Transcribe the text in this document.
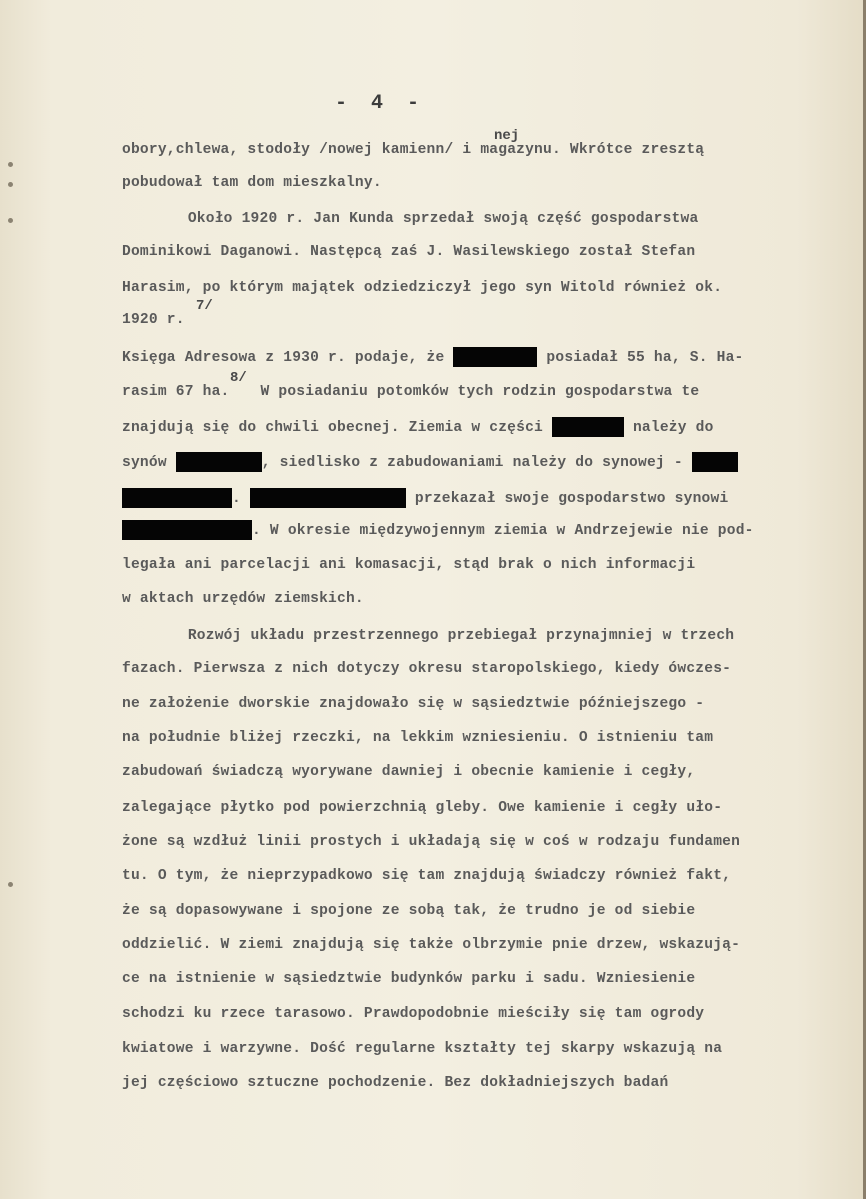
- 4 -
obory,chlewa, stodoły /nowej kamienn/ i magazynu. Wkrótce zresztą
nej
pobudował tam dom mieszkalny.
Około 1920 r. Jan Kunda sprzedał swoją część gospodarstwa
Dominikowi Daganowi. Następcą zaś J. Wasilewskiego został Stefan
Harasim, po którym majątek odziedziczył jego syn Witold również ok.
1920 r.
7/
Księga Adresowa z 1930 r. podaje, że	posiadał 55 ha, S. Ha-
rasim 67 ha. W posiadaniu potomków tych rodzin gospodarstwa te
8/
znajdują się do chwili obecnej. Ziemia w części	należy do
synów	, siedlisko z zabudowaniami należy do synowej -
.	przekazał swoje gospodarstwo synowi
. W okresie międzywojennym ziemia w Andrzejewie nie pod-
legała ani parcelacji ani komasacji, stąd brak o nich informacji
w aktach urzędów ziemskich.
Rozwój układu przestrzennego przebiegał przynajmniej w trzech
fazach. Pierwsza z nich dotyczy okresu staropolskiego, kiedy ówczes-
ne założenie dworskie znajdowało się w sąsiedztwie późniejszego -
na południe bliżej rzeczki, na lekkim wzniesieniu. O istnieniu tam
zabudowań świadczą wyorywane dawniej i obecnie kamienie i cegły,
zalegające płytko pod powierzchnią gleby. Owe kamienie i cegły uło-
żone są wzdłuż linii prostych i układają się w coś w rodzaju fundamen
tu. O tym, że nieprzypadkowo się tam znajdują świadczy również fakt,
że są dopasowywane i spojone ze sobą tak, że trudno je od siebie
oddzielić. W ziemi znajdują się także olbrzymie pnie drzew, wskazują-
ce na istnienie w sąsiedztwie budynków parku i sadu. Wzniesienie
schodzi ku rzece tarasowo. Prawdopodobnie mieściły się tam ogrody
kwiatowe i warzywne. Dość regularne kształty tej skarpy wskazują na
jej częściowo sztuczne pochodzenie. Bez dokładniejszych badań
